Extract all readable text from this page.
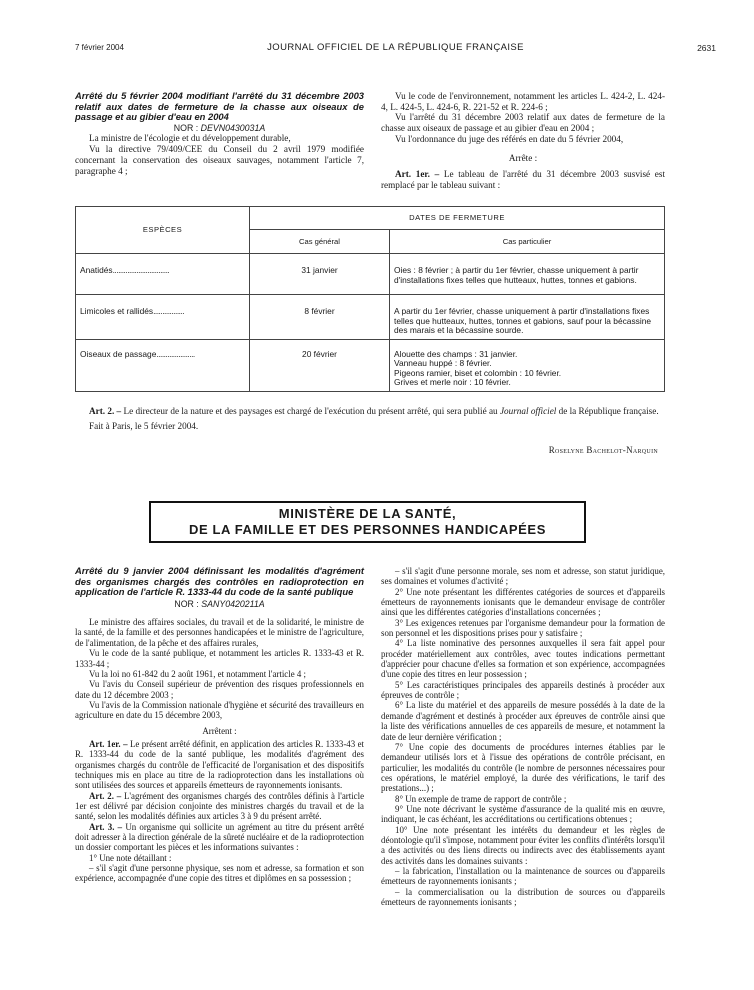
7 février 2004	JOURNAL OFFICIEL DE LA RÉPUBLIQUE FRANÇAISE	2631

Arrêté du 5 février 2004 modifiant l'arrêté du 31 décembre 2003 relatif aux dates de fermeture de la chasse aux oiseaux de passage et au gibier d'eau en 2004

NOR : DEVN0430031A

La ministre de l'écologie et du développement durable,

Vu la directive 79/409/CEE du Conseil du 2 avril 1979 modifiée concernant la conservation des oiseaux sauvages, notamment l'article 7, paragraphe 4 ;

Vu le code de l'environnement, notamment les articles L. 424-2, L. 424-4, L. 424-5, L. 424-6, R. 221-52 et R. 224-6 ;

Vu l'arrêté du 31 décembre 2003 relatif aux dates de fermeture de la chasse aux oiseaux de passage et au gibier d'eau en 2004 ;

Vu l'ordonnance du juge des référés en date du 5 février 2004,

Arrête :

Art. 1er. – Le tableau de l'arrêté du 31 décembre 2003 susvisé est remplacé par le tableau suivant :

ESPÈCES	DATES DE FERMETURE	
	Cas général	Cas particulier
Anatidés...............................	31 janvier	Oies : 8 février ; à partir du 1er février, chasse uniquement à partir d'installations fixes telles que hutteaux, huttes, tonnes et gabions.
Limicoles et rallidés.................	8 février	A partir du 1er février, chasse uniquement à partir d'installations fixes telles que hutteaux, huttes, tonnes et gabions, sauf pour la bécassine des marais et la bécassine sourde.
Oiseaux de passage.....................	20 février	Alouette des champs : 31 janvier.
Vanneau huppé : 8 février.
Pigeons ramier, biset et colombin : 10 février.
Grives et merle noir : 10 février.

Art. 2. – Le directeur de la nature et des paysages est chargé de l'exécution du présent arrêté, qui sera publié au Journal officiel de la République française.

Fait à Paris, le 5 février 2004.

Roselyne Bachelot-Narquin
MINISTÈRE DE LA SANTÉ,
DE LA FAMILLE ET DES PERSONNES HANDICAPÉES

Arrêté du 9 janvier 2004 définissant les modalités d'agrément des organismes chargés des contrôles en radioprotection en application de l'article R. 1333-44 du code de la santé publique

NOR : SANY0420211A

Le ministre des affaires sociales, du travail et de la solidarité, le ministre de la santé, de la famille et des personnes handicapées et le ministre de l'agriculture, de l'alimentation, de la pêche et des affaires rurales,

Vu le code de la santé publique, et notamment les articles R. 1333-43 et R. 1333-44 ;

Vu la loi no 61-842 du 2 août 1961, et notamment l'article 4 ;

Vu l'avis du Conseil supérieur de prévention des risques professionnels en date du 12 décembre 2003 ;

Vu l'avis de la Commission nationale d'hygiène et sécurité des travailleurs en agriculture en date du 15 décembre 2003,

Arrêtent :

Art. 1er. – Le présent arrêté définit, en application des articles R. 1333-43 et R. 1333-44 du code de la santé publique, les modalités d'agrément des organismes chargés du contrôle de l'efficacité de l'organisation et des dispositifs techniques mis en place au titre de la radioprotection dans les installations où sont utilisées des sources et appareils émetteurs de rayonnements ionisants.

Art. 2. – L'agrément des organismes chargés des contrôles définis à l'article 1er est délivré par décision conjointe des ministres chargés du travail et de la santé, selon les modalités définies aux articles 3 à 9 du présent arrêté.

Art. 3. – Un organisme qui sollicite un agrément au titre du présent arrêté doit adresser à la direction générale de la sûreté nucléaire et de la radioprotection un dossier comportant les pièces et les informations suivantes :

1° Une note détaillant :

– s'il s'agit d'une personne physique, ses nom et adresse, sa formation et son expérience, accompagnée d'une copie des titres et diplômes en sa possession ;

– s'il s'agit d'une personne morale, ses nom et adresse, son statut juridique, ses domaines et volumes d'activité ;

2° Une note présentant les différentes catégories de sources et d'appareils émetteurs de rayonnements ionisants que le demandeur envisage de contrôler ainsi que les différentes catégories d'installations concernées ;

3° Les exigences retenues par l'organisme demandeur pour la formation de son personnel et les dispositions prises pour y satisfaire ;

4° La liste nominative des personnes auxquelles il sera fait appel pour procéder matériellement aux contrôles, avec toutes indications permettant d'apprécier pour chacune d'elles sa formation et son expérience, accompagnées d'une copie des titres en leur possession ;

5° Les caractéristiques principales des appareils destinés à procéder aux épreuves de contrôle ;

6° La liste du matériel et des appareils de mesure possédés à la date de la demande d'agrément et destinés à procéder aux épreuves de contrôle ainsi que la liste des vérifications annuelles de ces appareils de mesure, et notamment la date de leur dernière vérification ;

7° Une copie des documents de procédures internes établies par le demandeur utilisés lors et à l'issue des opérations de contrôle précisant, en particulier, les modalités du contrôle (le nombre de personnes nécessaires pour ces opérations, le matériel employé, la durée des vérifications, le tarif des prestations...) ;

8° Un exemple de trame de rapport de contrôle ;

9° Une note décrivant le système d'assurance de la qualité mis en œuvre, indiquant, le cas échéant, les accréditations ou certifications obtenues ;

10° Une note présentant les intérêts du demandeur et les règles de déontologie qu'il s'impose, notamment pour éviter les conflits d'intérêts lorsqu'il a des activités ou des liens directs ou indirects avec des établissements ayant des activités dans les domaines suivants :

– la fabrication, l'installation ou la maintenance de sources ou d'appareils émetteurs de rayonnements ionisants ;

– la commercialisation ou la distribution de sources ou d'appareils émetteurs de rayonnements ionisants ;
